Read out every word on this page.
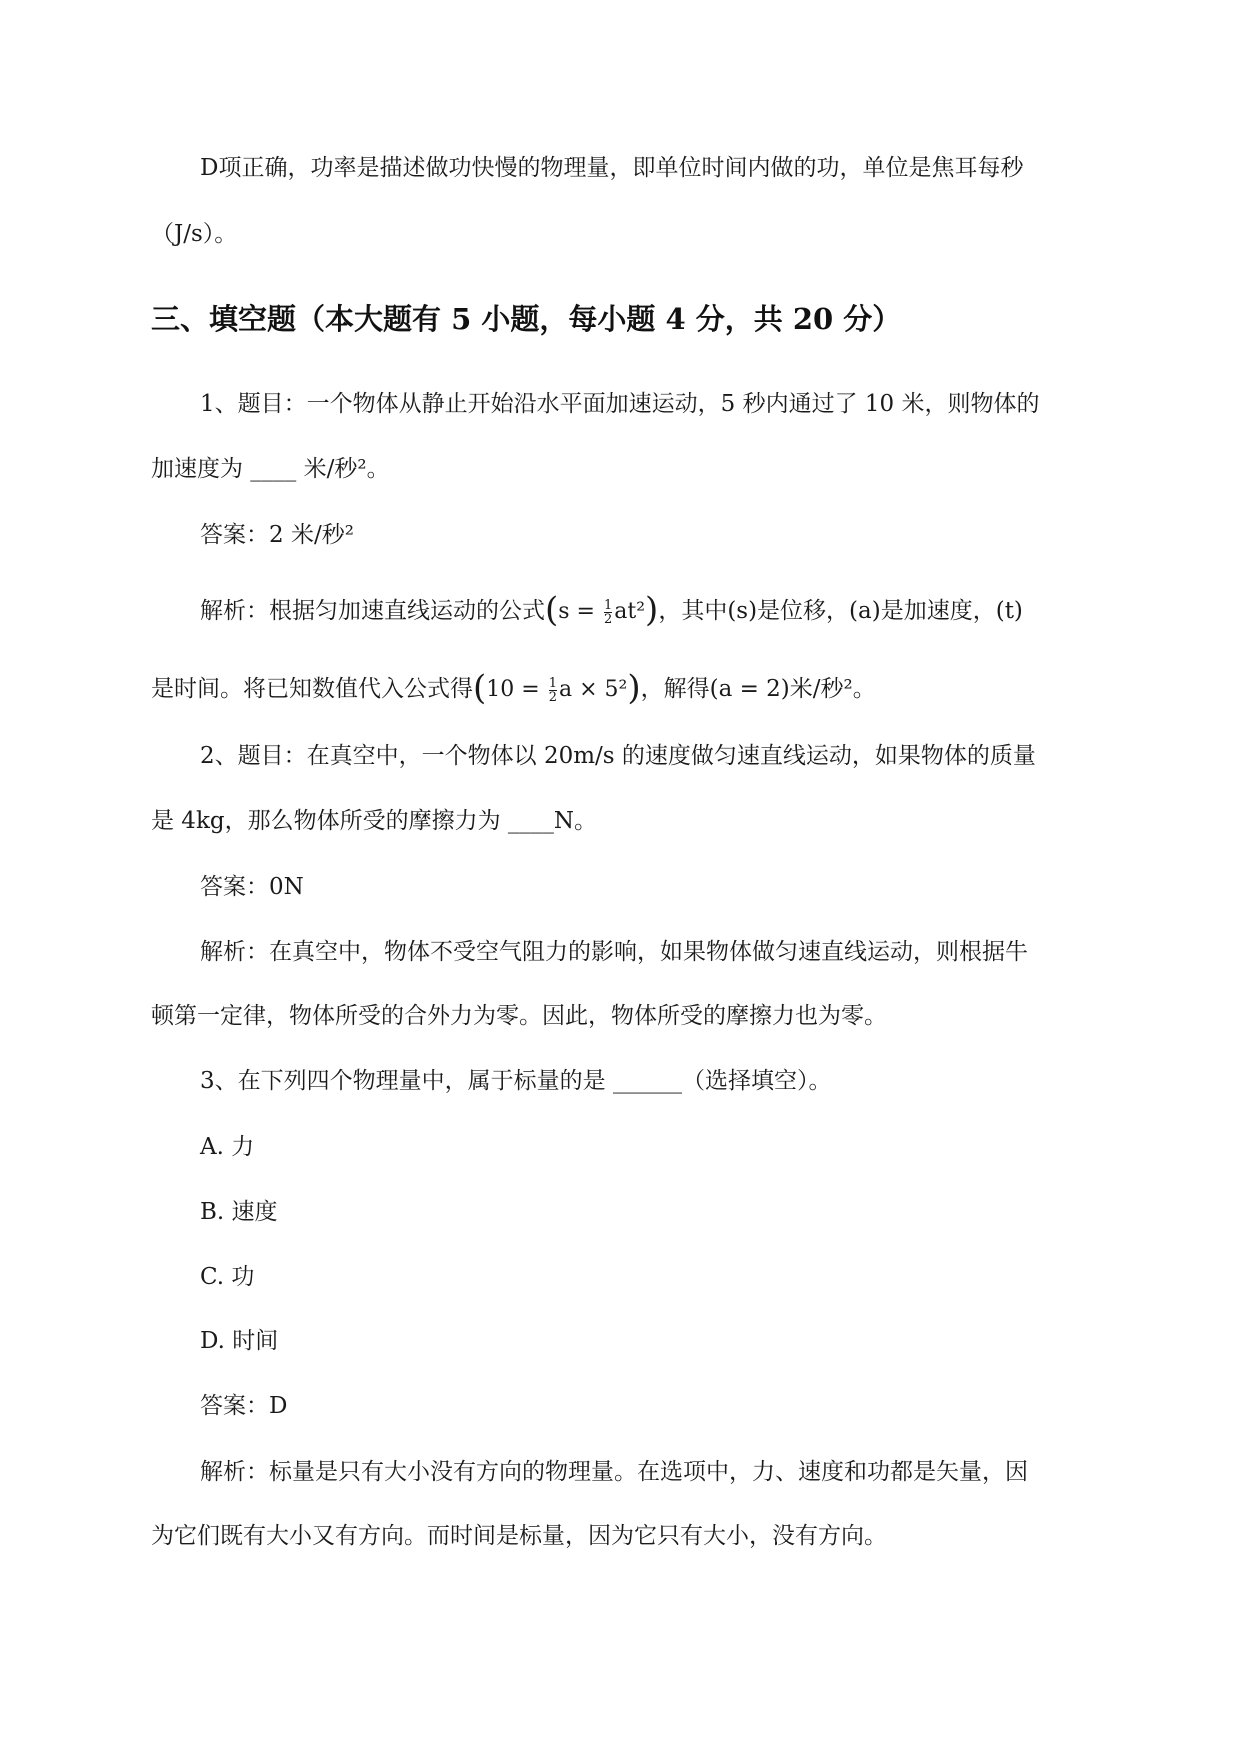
D项正确，功率是描述做功快慢的物理量，即单位时间内做的功，单位是焦耳每秒

（J/s）。

三、填空题（本大题有 5 小题，每小题 4 分，共 20 分）

1、题目：一个物体从静止开始沿水平面加速运动，5 秒内通过了 10 米，则物体的

加速度为 ____ 米/秒²。

答案：2 米/秒²

解析：根据匀加速直线运动的公式$(s = \frac{1}{2} at^2)$，其中(s)是位移，(a)是加速度，(t)

是时间。将已知数值代入公式得($10 = \frac{1}{2}$ a × 5²)，解得(a = 2)米/秒²。

2、题目：在真空中，一个物体以 20m/s 的速度做匀速直线运动，如果物体的质量

是 4kg，那么物体所受的摩擦力为 ____N。

答案：0N

解析：在真空中，物体不受空气阻力的影响，如果物体做匀速直线运动，则根据牛

顿第一定律，物体所受的合外力为零。因此，物体所受的摩擦力也为零。

3、在下列四个物理量中，属于标量的是 ______（选择填空）。

A. 力

B. 速度

C. 功

D. 时间

答案：D

解析：标量是只有大小没有方向的物理量。在选项中，力、速度和功都是矢量，因

为它们既有大小又有方向。而时间是标量，因为它只有大小，没有方向。
